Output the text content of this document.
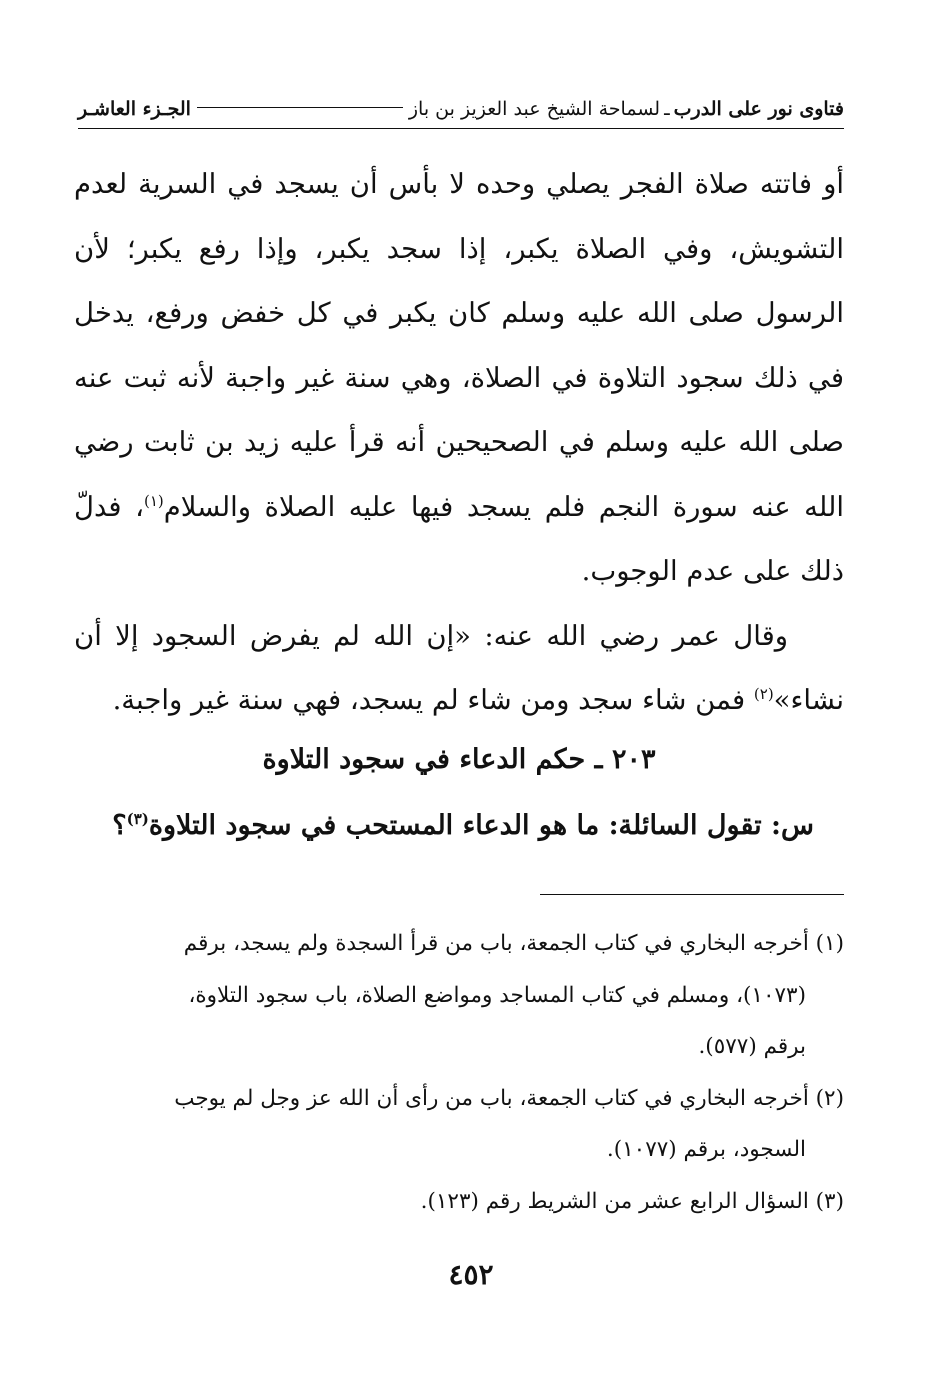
فتاوى نور على الدرب
ـ
لسماحة الشيخ عبد العزيز بن باز
الجـزء العاشـر

أو فاتته صلاة الفجر يصلي وحده لا بأس أن يسجد في السرية لعدم التشويش، وفي الصلاة يكبر، إذا سجد يكبر، وإذا رفع يكبر؛ لأن الرسول صلى الله عليه وسلم كان يكبر في كل خفض ورفع، يدخل في ذلك سجود التلاوة في الصلاة، وهي سنة غير واجبة لأنه ثبت عنه صلى الله عليه وسلم في الصحيحين أنه قرأ عليه زيد بن ثابت رضي الله عنه سورة النجم فلم يسجد فيها عليه الصلاة والسلام$^{(١)}$، فدلّ ذلك على عدم الوجوب.

وقال عمر رضي الله عنه: «إن الله لم يفرض السجود إلا أن نشاء»$^{(٢)}$ فمن شاء سجد ومن شاء لم يسجد، فهي سنة غير واجبة.

٢٠٣ ـ حكم الدعاء في سجود التلاوة
س: تقول السائلة: ما هو الدعاء المستحب في سجود التلاوة$^{(٣)}$؟

(١) أخرجه البخاري في كتاب الجمعة، باب من قرأ السجدة ولم يسجد، برقم

(١٠٧٣)، ومسلم في كتاب المساجد ومواضع الصلاة، باب سجود التلاوة،

برقم (٥٧٧).

(٢) أخرجه البخاري في كتاب الجمعة، باب من رأى أن الله عز وجل لم يوجب

السجود، برقم (١٠٧٧).

(٣) السؤال الرابع عشر من الشريط رقم (١٢٣).

٤٥٢
